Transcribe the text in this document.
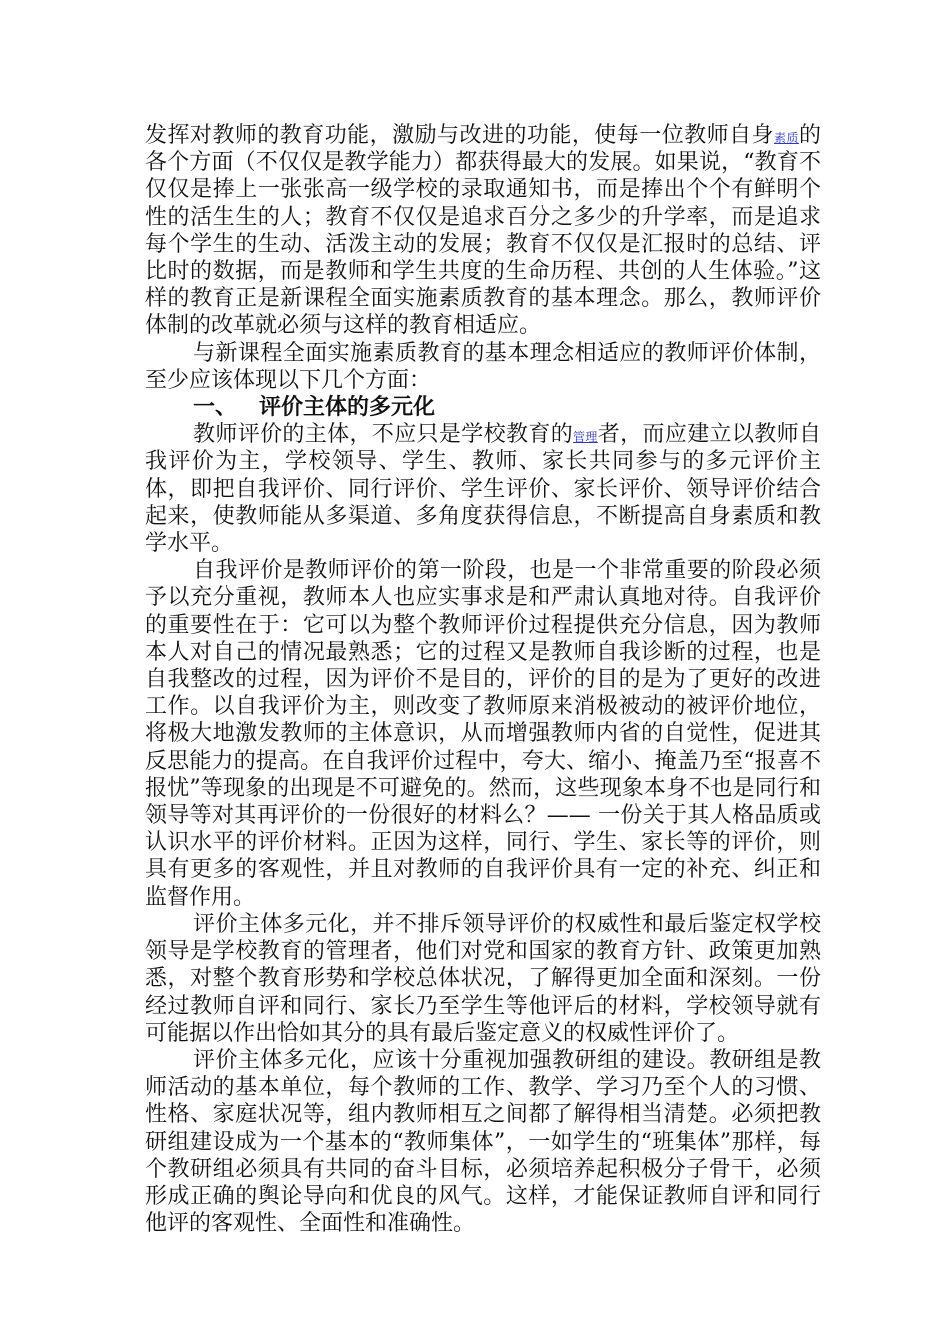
发挥对教师的教育功能，激励与改进的功能，使每一位教师自身素质的各个方面（不仅仅是教学能力）都获得最大的发展。如果说，“教育不仅仅是捧上一张张高一级学校的录取通知书，而是捧出个个有鲜明个性的活生生的人；教育不仅仅是追求百分之多少的升学率，而是追求每个学生的生动、活泼主动的发展；教育不仅仅是汇报时的总结、评比时的数据，而是教师和学生共度的生命历程、共创的人生体验。”这样的教育正是新课程全面实施素质教育的基本理念。那么，教师评价体制的改革就必须与这样的教育相适应。

与新课程全面实施素质教育的基本理念相适应的教师评价体制，至少应该体现以下几个方面：

一、 评价主体的多元化

教师评价的主体，不应只是学校教育的管理者，而应建立以教师自我评价为主，学校领导、学生、教师、家长共同参与的多元评价主体，即把自我评价、同行评价、学生评价、家长评价、领导评价结合起来，使教师能从多渠道、多角度获得信息，不断提高自身素质和教学水平。

自我评价是教师评价的第一阶段，也是一个非常重要的阶段必须予以充分重视，教师本人也应实事求是和严肃认真地对待。自我评价的重要性在于：它可以为整个教师评价过程提供充分信息，因为教师本人对自己的情况最熟悉；它的过程又是教师自我诊断的过程，也是自我整改的过程，因为评价不是目的，评价的目的是为了更好的改进工作。以自我评价为主，则改变了教师原来消极被动的被评价地位，将极大地激发教师的主体意识，从而增强教师内省的自觉性，促进其反思能力的提高。在自我评价过程中，夸大、缩小、掩盖乃至“报喜不报忧”等现象的出现是不可避免的。然而，这些现象本身不也是同行和领导等对其再评价的一份很好的材料么？—— 一份关于其人格品质或认识水平的评价材料。正因为这样，同行、学生、家长等的评价，则具有更多的客观性，并且对教师的自我评价具有一定的补充、纠正和监督作用。

评价主体多元化，并不排斥领导评价的权威性和最后鉴定权学校领导是学校教育的管理者，他们对党和国家的教育方针、政策更加熟悉，对整个教育形势和学校总体状况，了解得更加全面和深刻。一份经过教师自评和同行、家长乃至学生等他评后的材料，学校领导就有可能据以作出恰如其分的具有最后鉴定意义的权威性评价了。

评价主体多元化，应该十分重视加强教研组的建设。教研组是教师活动的基本单位，每个教师的工作、教学、学习乃至个人的习惯、性格、家庭状况等，组内教师相互之间都了解得相当清楚。必须把教研组建设成为一个基本的“教师集体”，一如学生的“班集体”那样，每个教研组必须具有共同的奋斗目标，必须培养起积极分子骨干，必须形成正确的舆论导向和优良的风气。这样，才能保证教师自评和同行他评的客观性、全面性和准确性。
